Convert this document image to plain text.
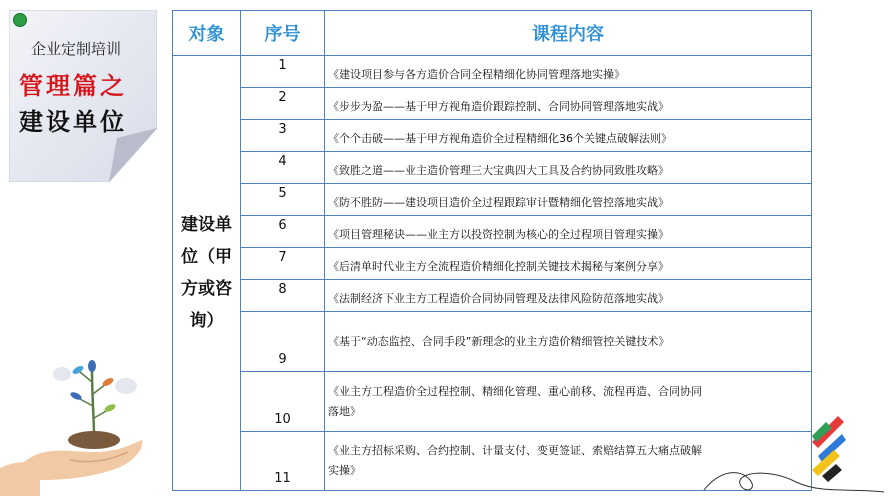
企业定制培训
管理篇之
建设单位
对象	序号	课程内容
建设单位（甲方或咨询）	1	《建设项目参与各方造价合同全程精细化协同管理落地实操》
	2	《步步为盈——基于甲方视角造价跟踪控制、合同协同管理落地实战》
	3	《个个击破——基于甲方视角造价全过程精细化36个关键点破解法则》
	4	《致胜之道——业主造价管理三大宝典四大工具及合约协同致胜攻略》
	5	《防不胜防——建设项目造价全过程跟踪审计暨精细化管控落地实战》
	6	《项目管理秘诀——业主方以投资控制为核心的全过程项目管理实操》
	7	《后清单时代业主方全流程造价精细化控制关键技术揭秘与案例分享》
	8	《法制经济下业主方工程造价合同协同管理及法律风险防范落地实战》
	9	《基于“动态监控、合同手段”新理念的业主方造价精细管控关键技术》
	10	《业主方工程造价全过程控制、精细化管理、重心前移、流程再造、合同协同落地》
	11	《业主方招标采购、合约控制、计量支付、变更签证、索赔结算五大痛点破解实操》
